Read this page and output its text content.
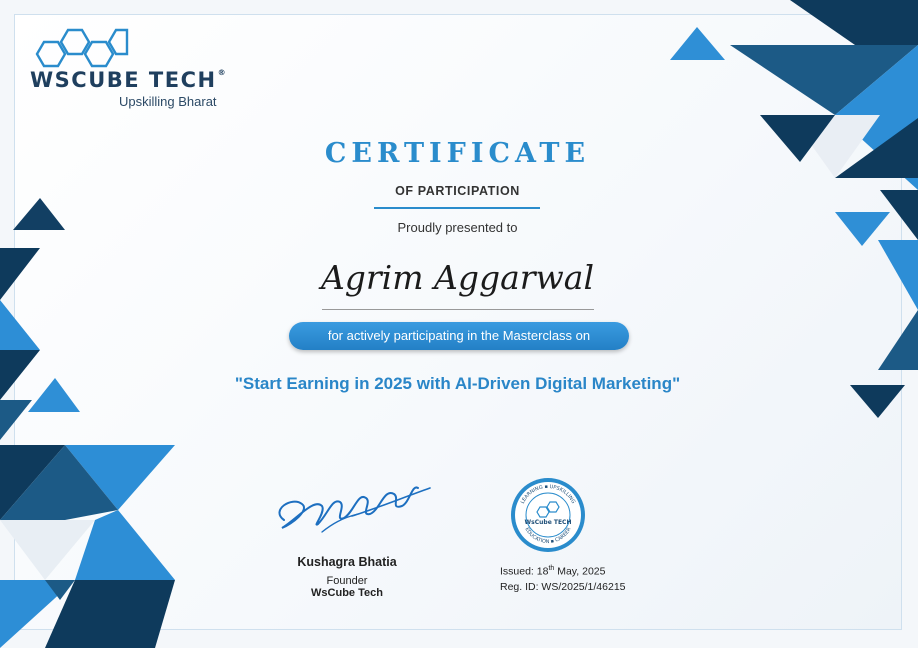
WSCUBE TECH®
Upskilling Bharat
CERTIFICATE
OF PARTICIPATION
Proudly presented to
Agrim Aggarwal
for actively participating in the Masterclass on
"Start Earning in 2025 with AI-Driven Digital Marketing"
Kushagra Bhatia
Founder
WsCube Tech
LEARNING ▪ UPSKILLING
EDUCATION ▪ CAREER
WsCube TECH
Issued: 18th May, 2025
Reg. ID: WS/2025/1/46215
